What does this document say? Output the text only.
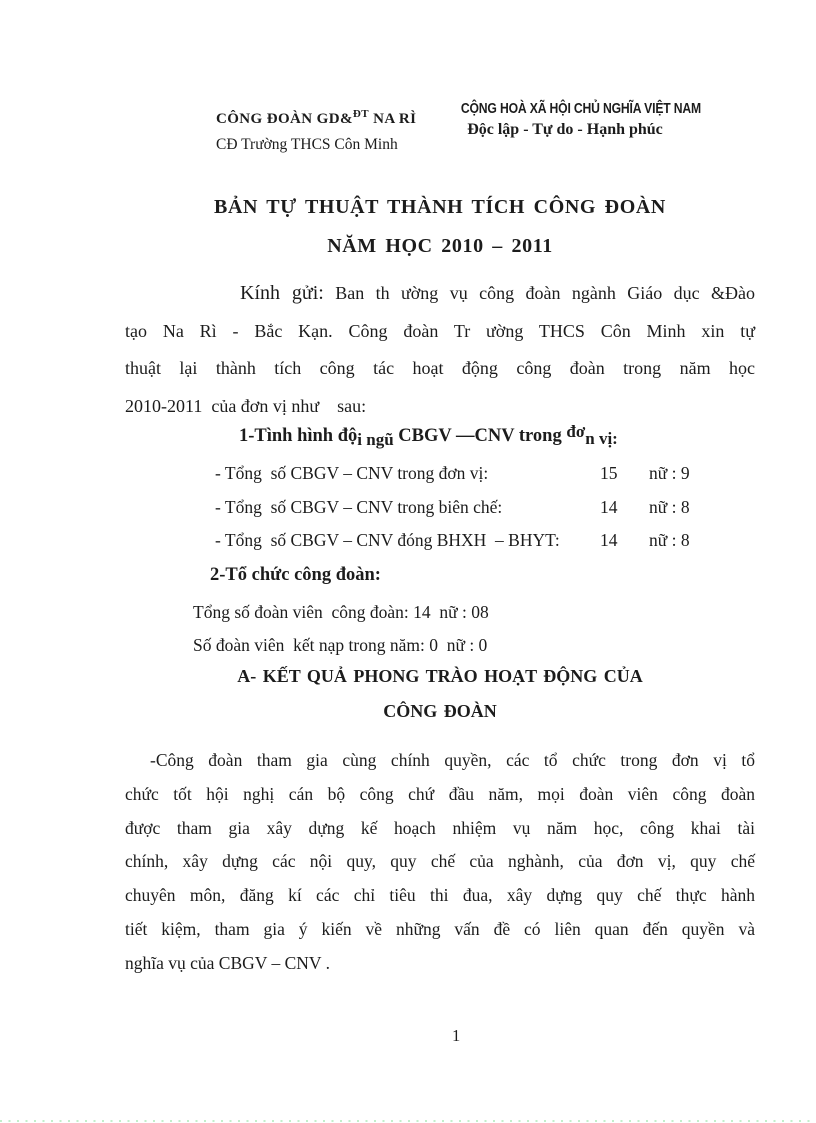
CÔNG ĐOÀN GD&$^{ĐT}$ NA RÌ
CĐ Trường THCS Côn Minh
CỘNG HOÀ XÃ HỘI CHỦ NGHĨA VIỆT NAM
Độc lập - Tự do - Hạnh phúc
BẢN TỰ THUẬT THÀNH TÍCH CÔNG ĐOÀN
NĂM HỌC 2010 – 2011
Kính gửi: Ban th ường vụ công đoàn ngành Giáo dục &Đào
tạo Na Rì - Bắc Kạn. Công đoàn Tr ường THCS Côn Minh xin tự
thuật lại thành tích công tác hoạt động công đoàn trong năm học
2010-2011  của đơn vị như    sau:
1-Tình hình đội ngũ CBGV —CNV trong đơn vị:
- Tổng  số CBGV – CNV trong đơn vị:	15 nữ : 9
- Tổng  số CBGV – CNV trong biên chế:	14 nữ : 8
- Tổng  số CBGV – CNV đóng BHXH  – BHYT: 14 nữ : 8
2-Tổ chức công đoàn:
Tổng số đoàn viên  công đoàn: 14  nữ : 08
Số đoàn viên  kết nạp trong năm: 0  nữ : 0
A- KẾT QUẢ PHONG TRÀO HOẠT ĐỘNG CỦA
CÔNG ĐOÀN
-Công đoàn tham gia cùng chính quyền, các tổ chức trong đơn vị tổ
chức tốt hội nghị cán bộ công chứ đầu năm, mọi đoàn viên công đoàn
được tham gia xây dựng kế hoạch nhiệm vụ năm học, công khai tài
chính, xây dựng các nội quy, quy chế của nghành, của đơn vị, quy chế
chuyên môn, đăng kí các chỉ tiêu thi đua, xây dựng quy chế thực hành
tiết kiệm, tham gia ý kiến về những vấn đề có liên quan đến quyền và
nghĩa vụ của CBGV – CNV .
1
